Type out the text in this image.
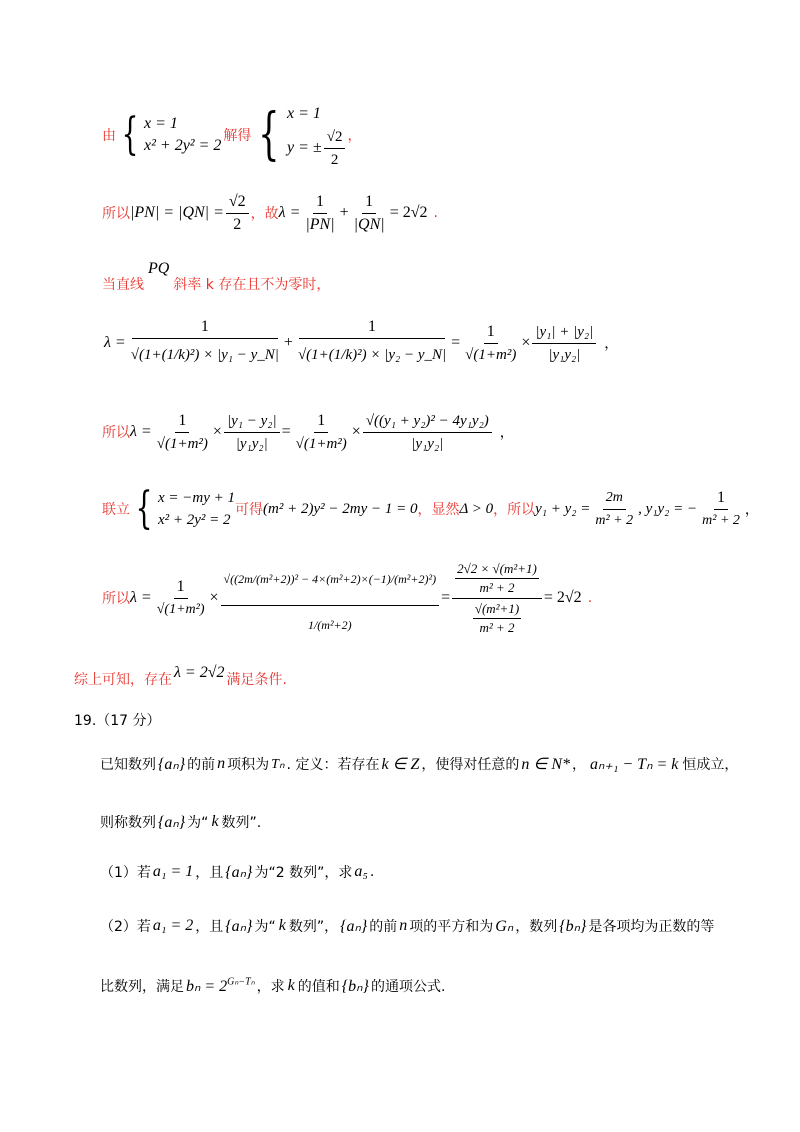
由 { x = 1
x² + 2y² = 2
解得 { x = 1
y = ± $\frac{√2}{2}$ ，
所以 $|PN| = |QN| = \frac{√2}{2}$ ，故 $\lambda = \frac{1}{|PN|} + \frac{1}{|QN|} = 2√2$ .
当直线
PQ
斜率 k 存在且不为零时，
$\lambda = \frac{1}{\text{√(1+(1/k)²) × |y₁ − y\_N|}} + \frac{1}{\text{√(1+(1/k)²) × |y₂ − y\_N|}} = \frac{1}{\text{√(1+m²)}} \times \frac{\text{|y₁| + |y₂|}}{\text{|y₁y₂|}}$ ，
所以 $\lambda = \frac{1}{\text{√(1+m²)}} \times \frac{\text{|y₁ − y₂|}}{\text{|y₁y₂|}} = \frac{1}{\text{√(1+m²)}} \times \frac{\text{√((y₁ + y₂)² − 4y₁y₂)}}{\text{|y₁y₂|}}$ ，
联立 { x = −my + 1
x² + 2y² = 2
可得 (m² + 2)y² − 2my − 1 = 0 ，显然 Δ > 0 ，所以 $y_1 + y_2 = \frac{2m}{\text{m² + 2}}$ , y₁y₂ = − $\frac{1}{\text{m² + 2}}$ ，
所以 $\lambda = \frac{1}{\text{√(1+m²)}} \times \frac{\text{√((2m/(m²+2))² − 4×(m²+2)×(−1)/(m²+2)²)}}{\text{1/(m²+2)}} = 2√2 \times √(m^2+1)$
m² + 2
√(m²+1)
m² + 2 = 2√2 .
综上可知，存在 λ = 2√2 满足条件.
19.（17 分）
已知数列 {aₙ} 的前 n 项积为 Tₙ . 定义：若存在 k ∈ Z ，使得对任意的 n ∈ N* ， aₙ₊₁ − Tₙ = k 恒成立，
则称数列 {aₙ} 为“ k 数列”.
（1）若 a₁ = 1 ，且 {aₙ} 为“2 数列”，求 a₅ .
（2）若 a₁ = 2 ，且 {aₙ} 为“ k 数列”， {aₙ} 的前 n 项的平方和为 Gₙ ，数列 {bₙ} 是各项均为正数的等
比数列，满足 $b_n = 2^{G_n-T_n}$ ，求 k 的值和 {bₙ} 的通项公式.
